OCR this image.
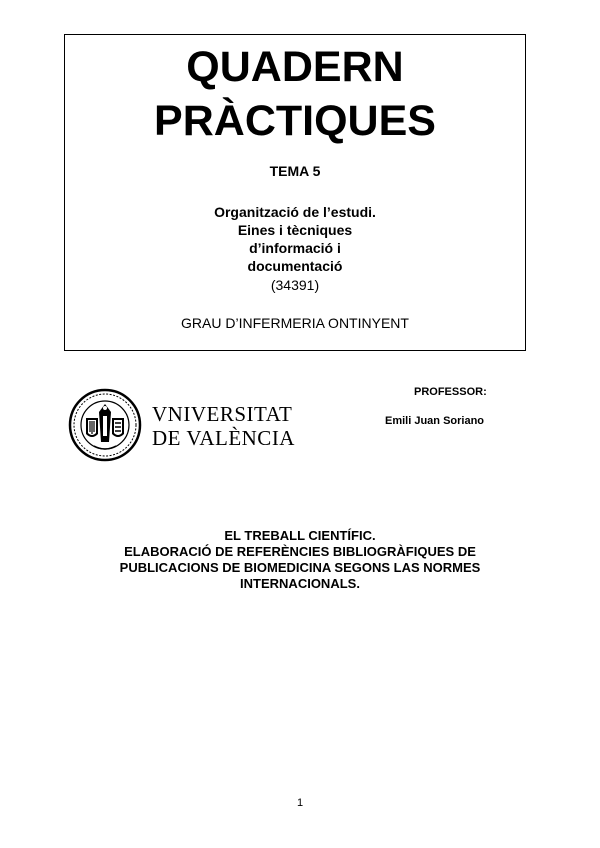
QUADERN
PRÀCTIQUES
TEMA 5
Organització de l’estudi.
Eines i tècniques
d’informació i
documentació
(34391)
GRAU D’INFERMERIA ONTINYENT
VNIVERSITAT
DE VALÈNCIA
PROFESSOR:
Emili Juan Soriano
EL TREBALL CIENTÍFIC.
ELABORACIÓ DE REFERÈNCIES BIBLIOGRÀFIQUES DE
PUBLICACIONS DE BIOMEDICINA SEGONS LAS NORMES
INTERNACIONALS.
1
